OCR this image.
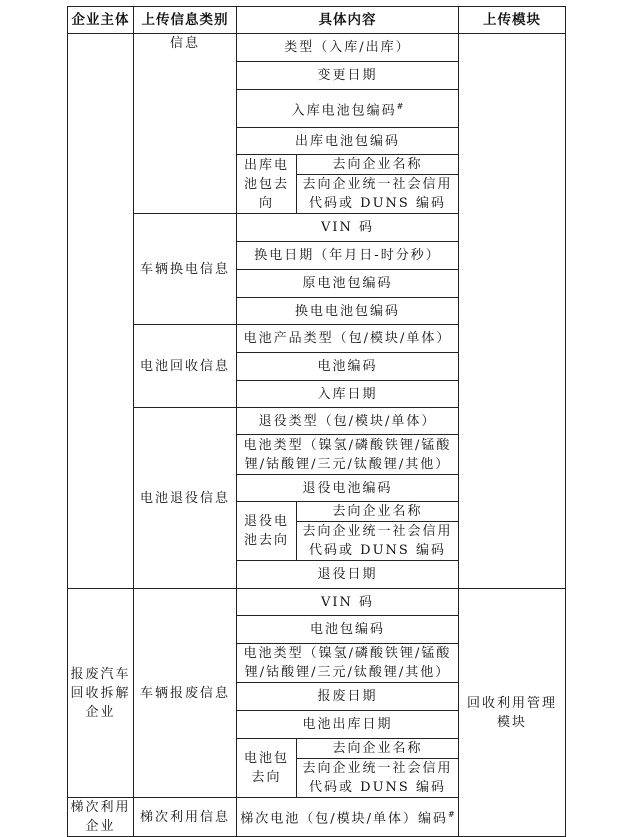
企业主体	上传信息类别	具体内容		上传模块
	信息	类型（入库/出库）		
		变更日期		
		入库电池包编码#
		出库电池包编码		
		出库电池包去向	去向企业名称	
			去向企业统一社会信用代码或 DUNS 编码	
	车辆换电信息	VIN 码		
		换电日期（年月日-时分秒）		
		原电池包编码		
		换电电池包编码		
	电池回收信息	电池产品类型（包/模块/单体）		
		电池编码		
		入库日期		
	电池退役信息	退役类型（包/模块/单体）		
		电池类型（镍氢/磷酸铁锂/锰酸锂/钴酸锂/三元/钛酸锂/其他）		
		退役电池编码		
		退役电池去向	去向企业名称	
			去向企业统一社会信用代码或 DUNS 编码	
		退役日期		
报废汽车回收拆解企业	车辆报废信息	VIN 码		回收利用管理模块
		电池包编码		
		电池类型（镍氢/磷酸铁锂/锰酸锂/钴酸锂/三元/钛酸锂/其他）		
		报废日期		
		电池出库日期		
		电池包去向	去向企业名称	
			去向企业统一社会信用代码或 DUNS 编码	
梯次利用企业	梯次利用信息	梯次电池（包/模块/单体）编码#
